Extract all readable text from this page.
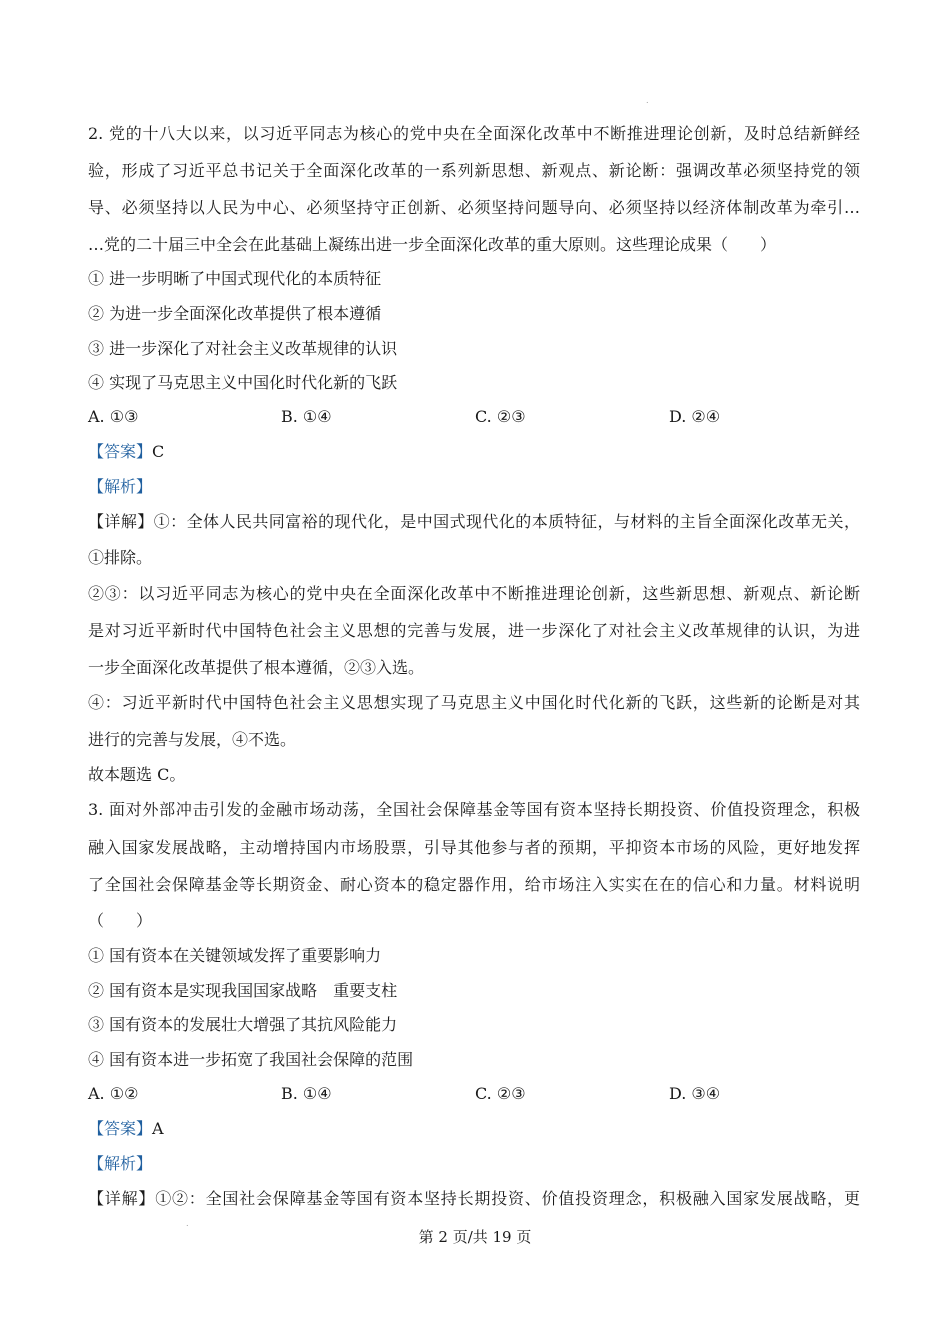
.
2. 党的十八大以来，以习近平同志为核心的党中央在全面深化改革中不断推进理论创新，及时总结新鲜经
验，形成了习近平总书记关于全面深化改革的一系列新思想、新观点、新论断：强调改革必须坚持党的领
导、必须坚持以人民为中心、必须坚持守正创新、必须坚持问题导向、必须坚持以经济体制改革为牵引…
…党的二十届三中全会在此基础上凝练出进一步全面深化改革的重大原则。这些理论成果（　　）
① 进一步明晰了中国式现代化的本质特征
② 为进一步全面深化改革提供了根本遵循
③ 进一步深化了对社会主义改革规律的认识
④ 实现了马克思主义中国化时代化新的飞跃
A. ①③	B. ①④	C. ②③	D. ②④
【答案】C
【解析】
【详解】①：全体人民共同富裕的现代化，是中国式现代化的本质特征，与材料的主旨全面深化改革无关，
①排除。
②③：以习近平同志为核心的党中央在全面深化改革中不断推进理论创新，这些新思想、新观点、新论断
是对习近平新时代中国特色社会主义思想的完善与发展，进一步深化了对社会主义改革规律的认识，为进
一步全面深化改革提供了根本遵循，②③入选。
④：习近平新时代中国特色社会主义思想实现了马克思主义中国化时代化新的飞跃，这些新的论断是对其
进行的完善与发展，④不选。
故本题选 C。
3. 面对外部冲击引发的金融市场动荡，全国社会保障基金等国有资本坚持长期投资、价值投资理念，积极
融入国家发展战略，主动增持国内市场股票，引导其他参与者的预期，平抑资本市场的风险，更好地发挥
了全国社会保障基金等长期资金、耐心资本的稳定器作用，给市场注入实实在在的信心和力量。材料说明
（　　）
① 国有资本在关键领域发挥了重要影响力
② 国有资本是实现我国国家战略　重要支柱
③ 国有资本的发展壮大增强了其抗风险能力
④ 国有资本进一步拓宽了我国社会保障的范围
A. ①②	B. ①④	C. ②③	D. ③④
【答案】A
【解析】
【详解】①②：全国社会保障基金等国有资本坚持长期投资、价值投资理念，积极融入国家发展战略，更
.
第 2 页/共 19 页
